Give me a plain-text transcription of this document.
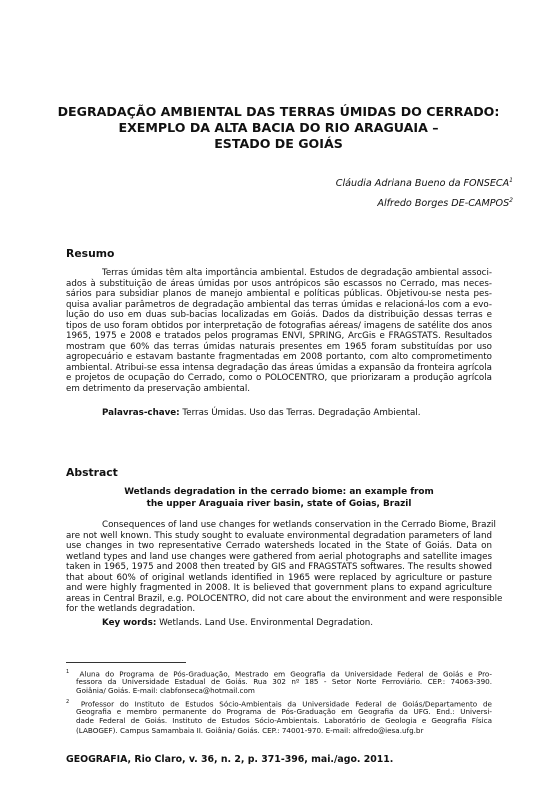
DEGRADAÇÃO AMBIENTAL DAS TERRAS ÚMIDAS DO CERRADO:
EXEMPLO DA ALTA BACIA DO RIO ARAGUAIA –
ESTADO DE GOIÁS
Cláudia Adriana Bueno da FONSECA$^1$
Alfredo Borges DE-CAMPOS$^2$
Resumo
Terras úmidas têm alta importância ambiental. Estudos de degradação ambiental associ-
ados à substituição de áreas úmidas por usos antrópicos são escassos no Cerrado, mas neces-
sários para subsidiar planos de manejo ambiental e políticas públicas. Objetivou-se nesta pes-
quisa avaliar parâmetros de degradação ambiental das terras úmidas e relacioná-los com a evo-
lução do uso em duas sub-bacias localizadas em Goiás. Dados da distribuição dessas terras e
tipos de uso foram obtidos por interpretação de fotografias aéreas/ imagens de satélite dos anos
1965, 1975 e 2008 e tratados pelos programas ENVI, SPRING, ArcGis e FRAGSTATS. Resultados
mostram que 60% das terras úmidas naturais presentes em 1965 foram substituídas por uso
agropecuário e estavam bastante fragmentadas em 2008 portanto, com alto comprometimento
ambiental. Atribui-se essa intensa degradação das áreas úmidas a expansão da fronteira agrícola
e projetos de ocupação do Cerrado, como o POLOCENTRO, que priorizaram a produção agrícola
em detrimento da preservação ambiental.
Palavras-chave: Terras Úmidas. Uso das Terras. Degradação Ambiental.
Abstract
Wetlands degradation in the cerrado biome: an example from
the upper Araguaia river basin, state of Goias, Brazil
Consequences of land use changes for wetlands conservation in the Cerrado Biome, Brazil
are not well known. This study sought to evaluate environmental degradation parameters of land
use changes in two representative Cerrado watersheds located in the State of Goiás. Data on
wetland types and land use changes were gathered from aerial photographs and satellite images
taken in 1965, 1975 and 2008 then treated by GIS and FRAGSTATS softwares. The results showed
that about 60% of original wetlands identified in 1965 were replaced by agriculture or pasture
and were highly fragmented in 2008. It is believed that government plans to expand agriculture
areas in Central Brazil, e.g. POLOCENTRO, did not care about the environment and were responsible
for the wetlands degradation.
Key words: Wetlands. Land Use. Environmental Degradation.
$^1$ Aluna do Programa de Pós-Graduação, Mestrado em Geografia da Universidade Federal de Goiás e Pro-
fessora da Universidade Estadual de Goiás. Rua 302 nº 185 - Setor Norte Ferroviário. CEP.: 74063-390.
Goiânia/ Goiás. E-mail: clabfonseca@hotmail.com
$^2$ Professor do Instituto de Estudos Sócio-Ambientais da Universidade Federal de Goiás/Departamento de
Geografia e membro permanente do Programa de Pós-Graduação em Geografia da UFG. End.: Universi-
dade Federal de Goiás. Instituto de Estudos Sócio-Ambientais. Laboratório de Geologia e Geografia Física
(LABOGEF). Campus Samambaia II. Goiânia/ Goiás. CEP.: 74001-970. E-mail: alfredo@iesa.ufg.br
GEOGRAFIA, Rio Claro, v. 36, n. 2, p. 371-396, mai./ago. 2011.
